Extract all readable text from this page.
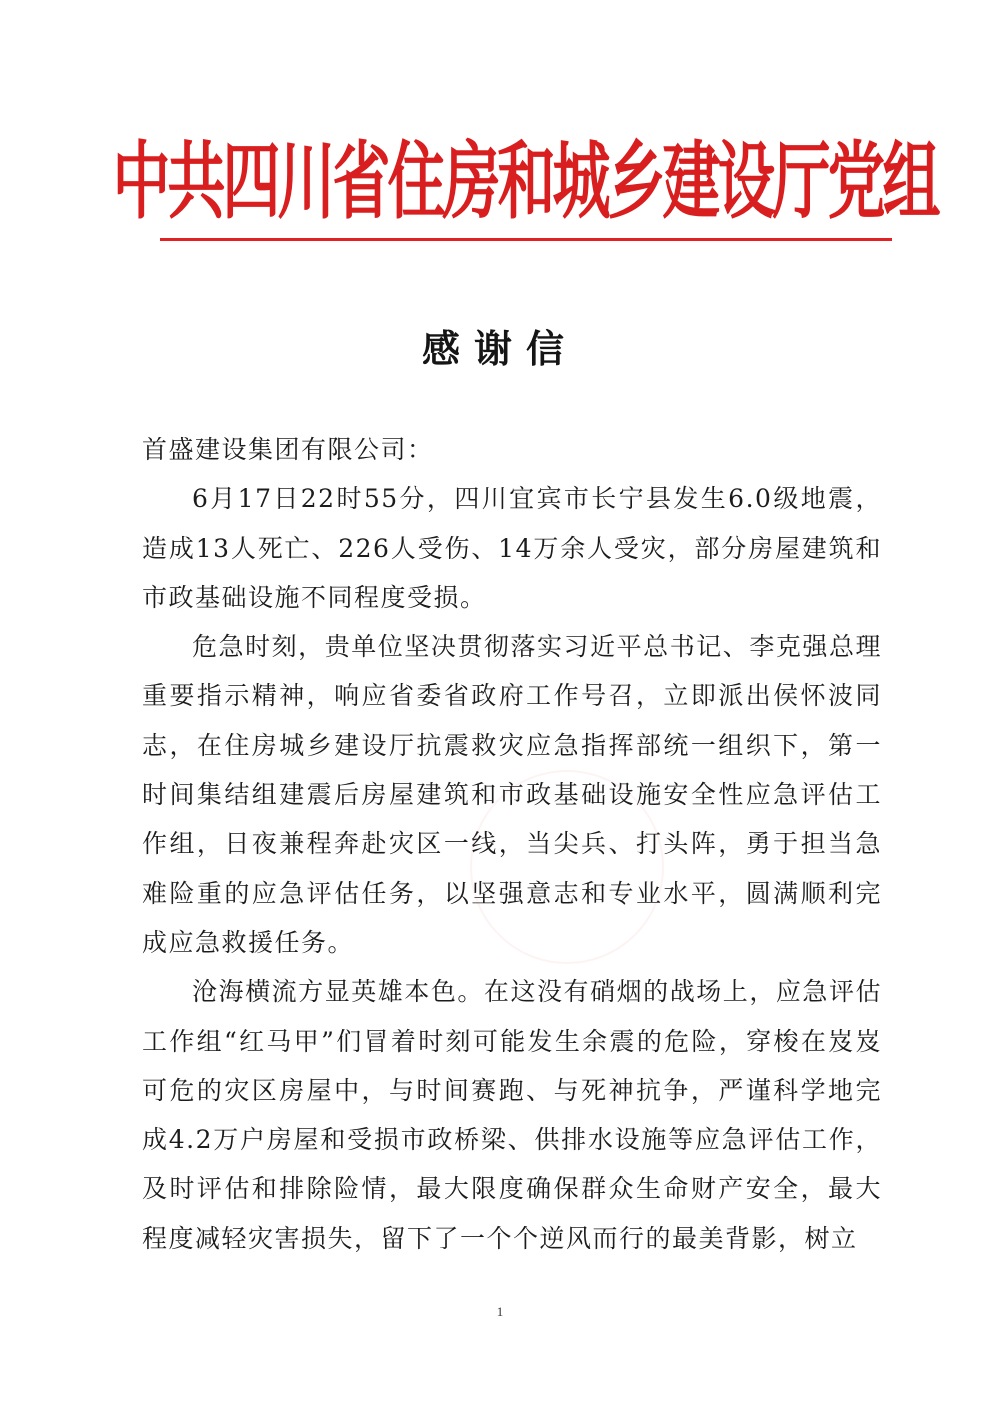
中共四川省住房和城乡建设厅党组
感谢信

首盛建设集团有限公司：

6月17日22时55分，四川宜宾市长宁县发生6.0级地震，造成13人死亡、226人受伤、14万余人受灾，部分房屋建筑和市政基础设施不同程度受损。

危急时刻，贵单位坚决贯彻落实习近平总书记、李克强总理重要指示精神，响应省委省政府工作号召，立即派出侯怀波同志，在住房城乡建设厅抗震救灾应急指挥部统一组织下，第一时间集结组建震后房屋建筑和市政基础设施安全性应急评估工作组，日夜兼程奔赴灾区一线，当尖兵、打头阵，勇于担当急难险重的应急评估任务，以坚强意志和专业水平，圆满顺利完成应急救援任务。

沧海横流方显英雄本色。在这没有硝烟的战场上，应急评估工作组“红马甲”们冒着时刻可能发生余震的危险，穿梭在岌岌可危的灾区房屋中，与时间赛跑、与死神抗争，严谨科学地完成4.2万户房屋和受损市政桥梁、供排水设施等应急评估工作，及时评估和排除险情，最大限度确保群众生命财产安全，最大程度减轻灾害损失，留下了一个个逆风而行的最美背影，树立

1
